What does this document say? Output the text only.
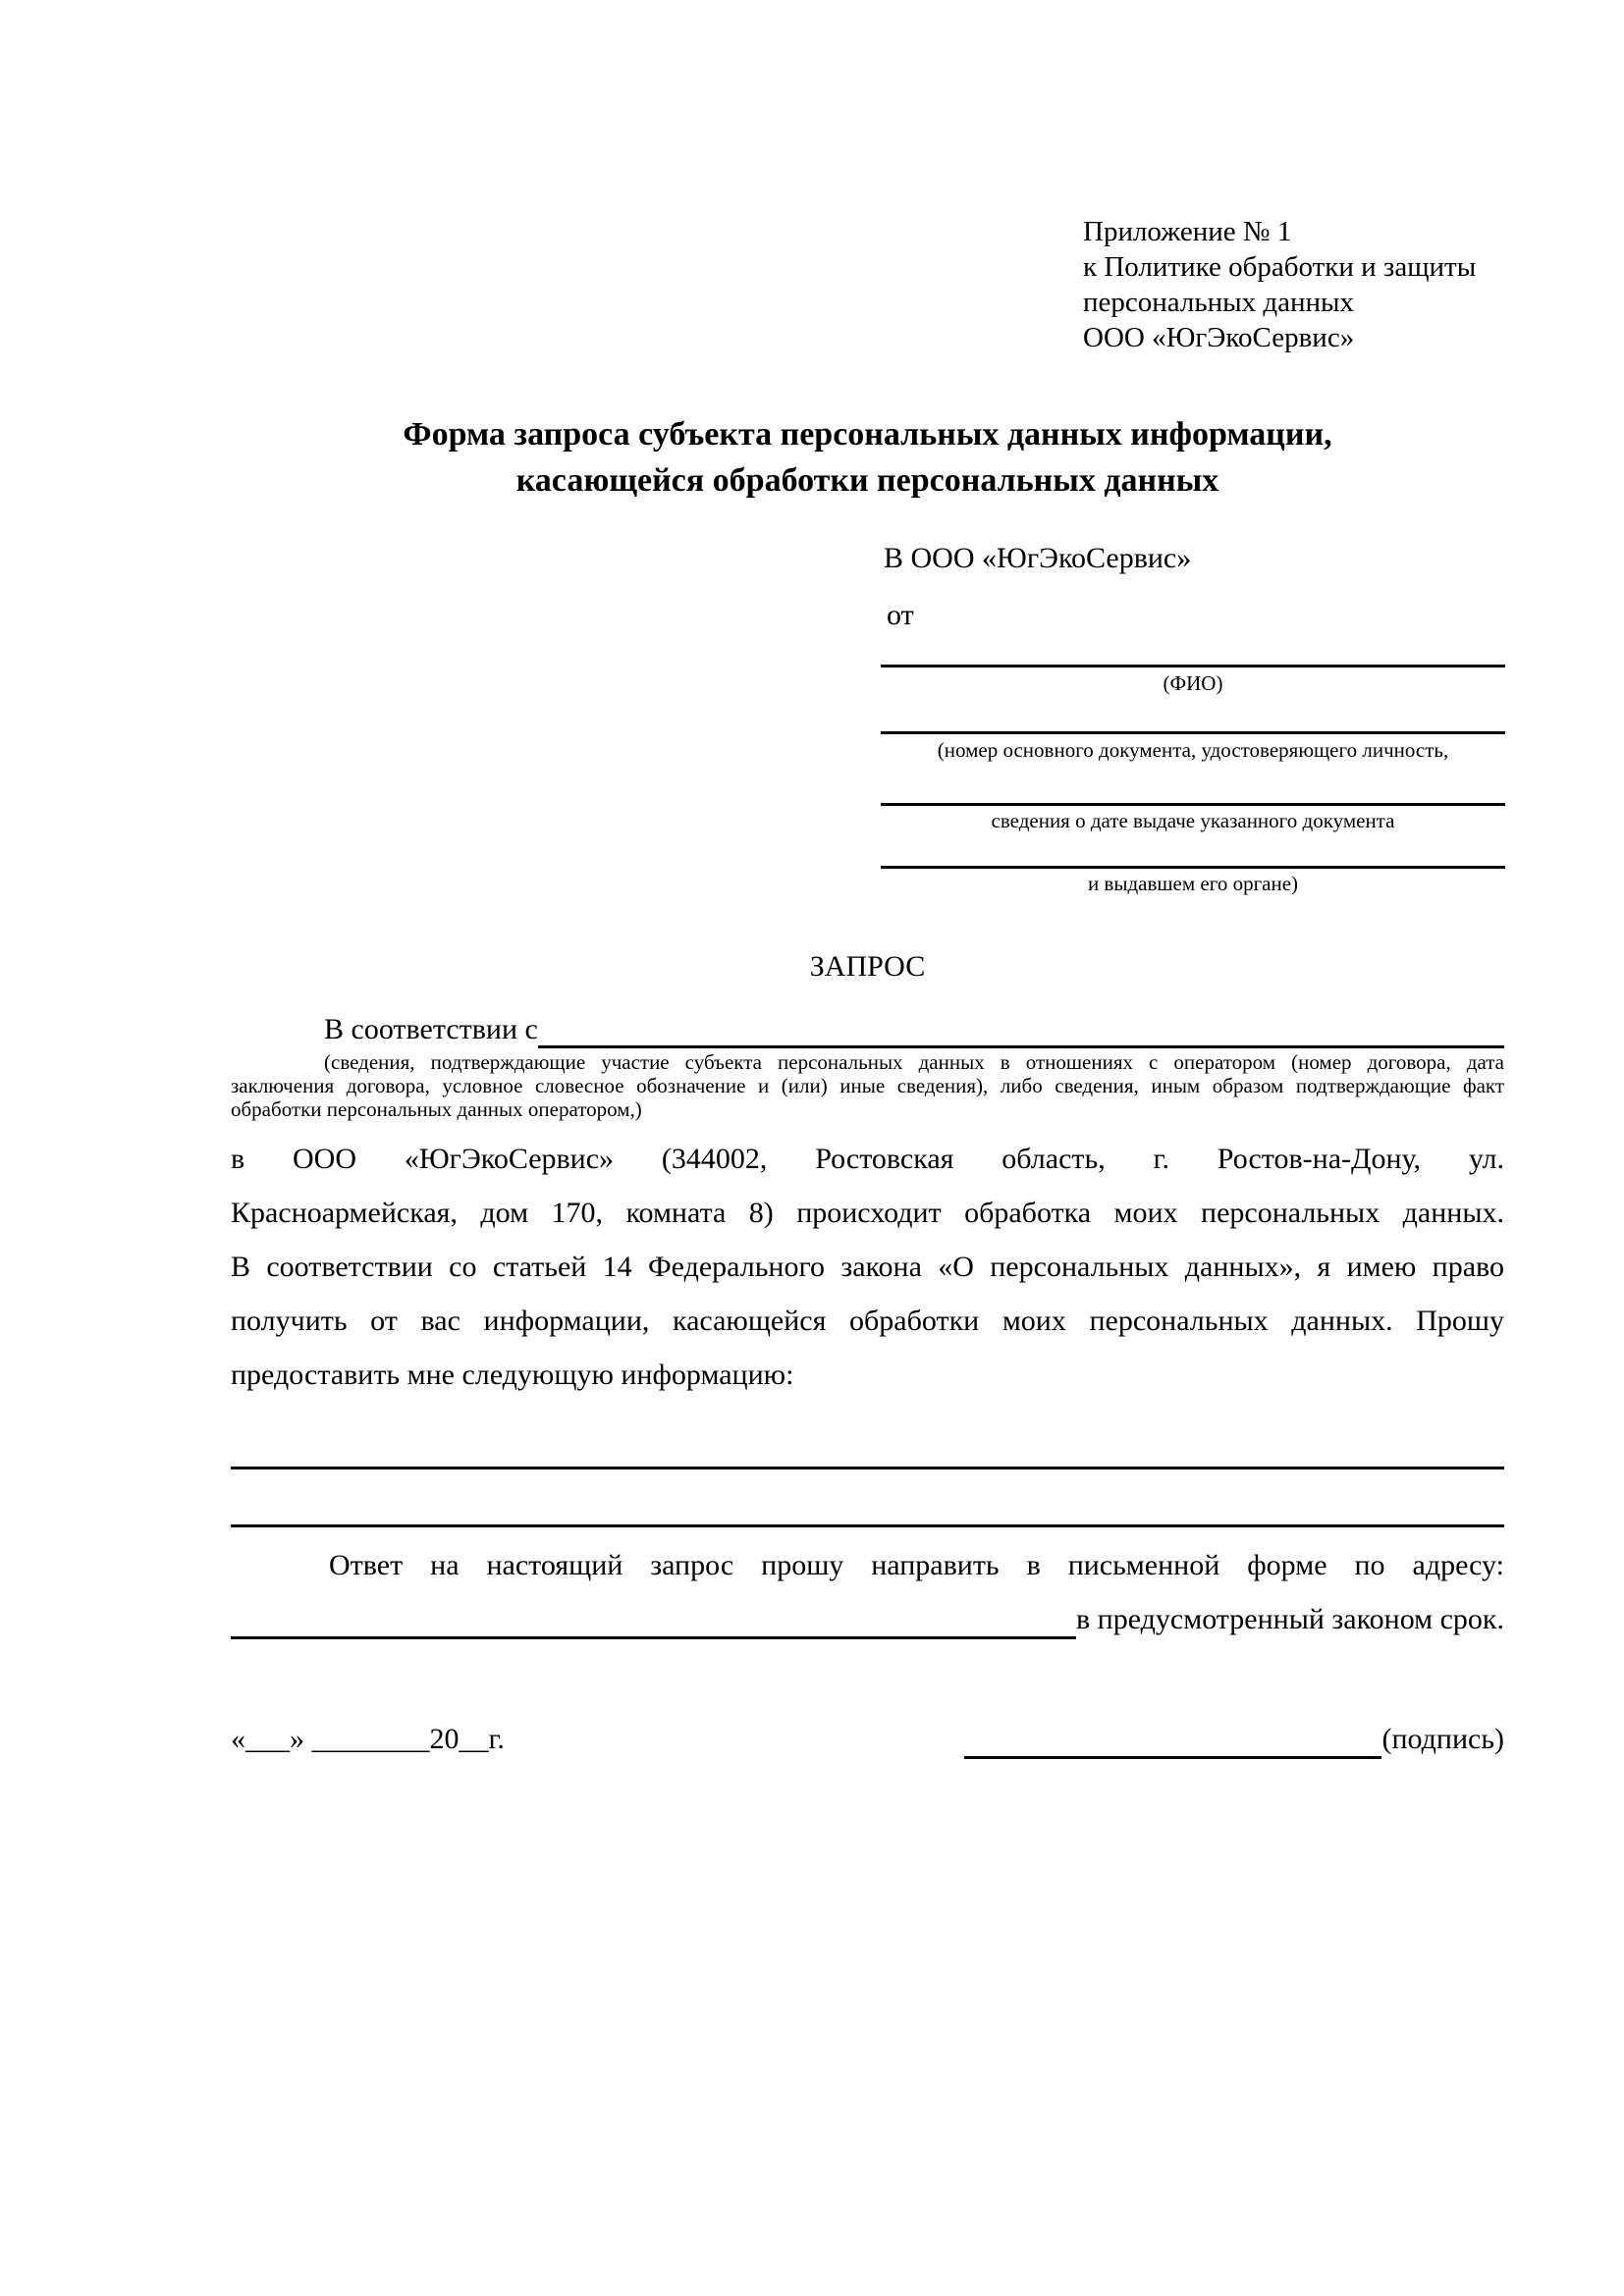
Приложение № 1
к Политике обработки и защиты
персональных данных
ООО «ЮгЭкоСервис»
Форма запроса субъекта персональных данных информации,
касающейся обработки персональных данных
В ООО «ЮгЭкоСервис»
от
(ФИО)
(номер основного документа, удостоверяющего личность,
сведения о дате выдаче указанного документа
и выдавшем его органе)
ЗАПРОС
В соответствии с
(сведения, подтверждающие участие субъекта персональных данных в отношениях с оператором (номер договора, дата
заключения договора, условное словесное обозначение и (или) иные сведения), либо сведения, иным образом подтверждающие факт
обработки персональных данных оператором,)
в ООО «ЮгЭкоСервис» (344002, Ростовская область, г. Ростов-на-Дону, ул.
Красноармейская, дом 170, комната 8) происходит обработка моих персональных данных.
В соответствии со статьей 14 Федерального закона «О персональных данных», я имею право
получить от вас информации, касающейся обработки моих персональных данных. Прошу
предоставить мне следующую информацию:
Ответ на настоящий запрос прошу направить в письменной форме по адресу:
в предусмотренный законом срок.
«___» ________20__г.	(подпись)
